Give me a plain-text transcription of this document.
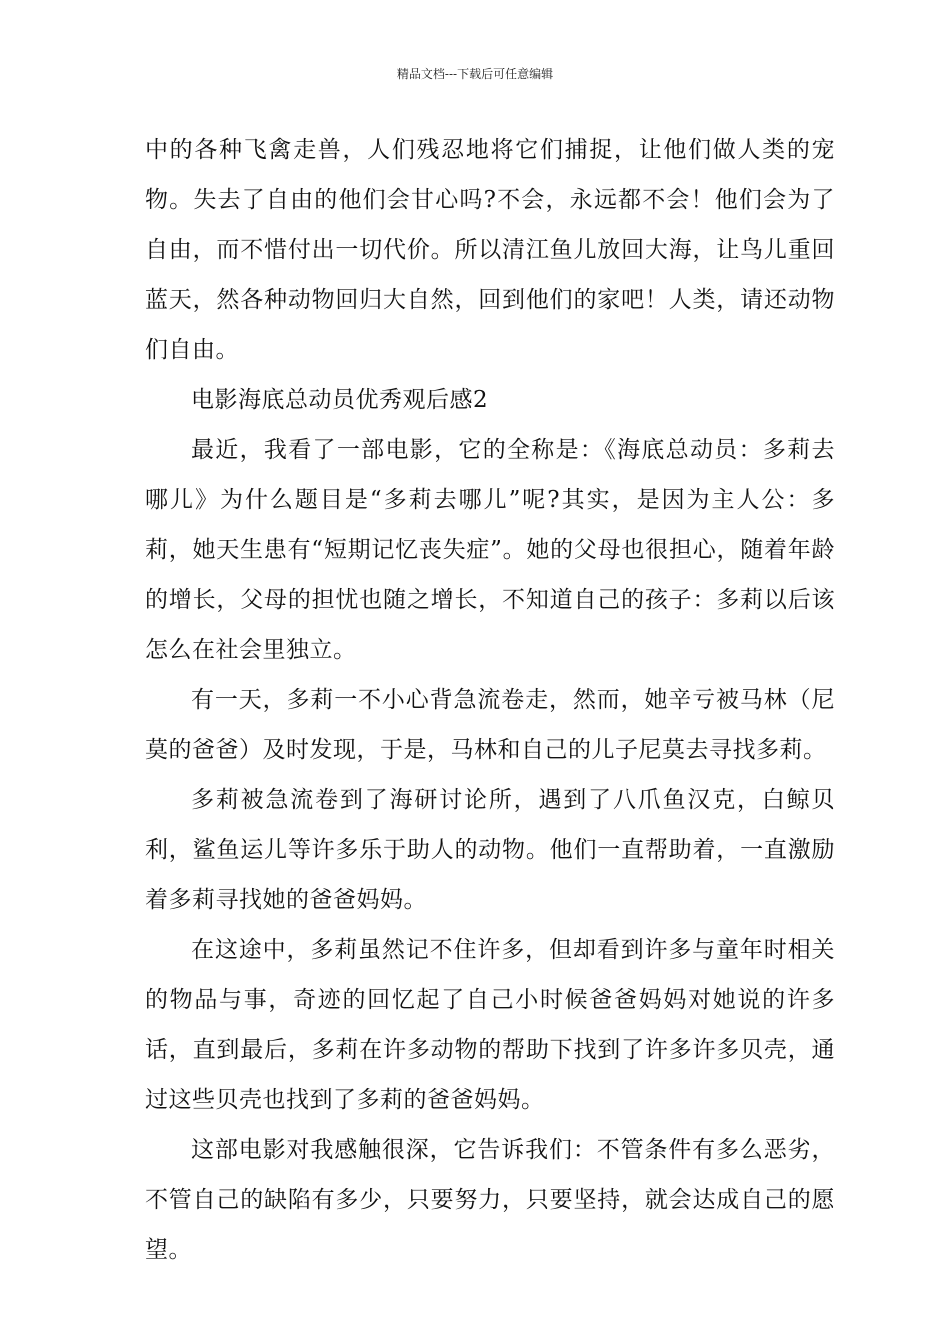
精品文档---下载后可任意编辑

中的各种飞禽走兽，人们残忍地将它们捕捉，让他们做人类的宠物。失去了自由的他们会甘心吗?不会，永远都不会！他们会为了自由，而不惜付出一切代价。所以清江鱼儿放回大海，让鸟儿重回蓝天，然各种动物回归大自然，回到他们的家吧！人类，请还动物们自由。

电影海底总动员优秀观后感2

最近，我看了一部电影，它的全称是：《海底总动员：多莉去哪儿》为什么题目是“多莉去哪儿”呢?其实，是因为主人公：多莉，她天生患有“短期记忆丧失症”。她的父母也很担心，随着年龄的增长，父母的担忧也随之增长，不知道自己的孩子：多莉以后该怎么在社会里独立。

有一天，多莉一不小心背急流卷走，然而，她辛亏被马林（尼莫的爸爸）及时发现，于是，马林和自己的儿子尼莫去寻找多莉。

多莉被急流卷到了海研讨论所，遇到了八爪鱼汉克，白鲸贝利，鲨鱼运儿等许多乐于助人的动物。他们一直帮助着，一直激励着多莉寻找她的爸爸妈妈。

在这途中，多莉虽然记不住许多，但却看到许多与童年时相关的物品与事，奇迹的回忆起了自己小时候爸爸妈妈对她说的许多话，直到最后，多莉在许多动物的帮助下找到了许多许多贝壳，通过这些贝壳也找到了多莉的爸爸妈妈。

这部电影对我感触很深，它告诉我们：不管条件有多么恶劣，不管自己的缺陷有多少，只要努力，只要坚持，就会达成自己的愿望。
